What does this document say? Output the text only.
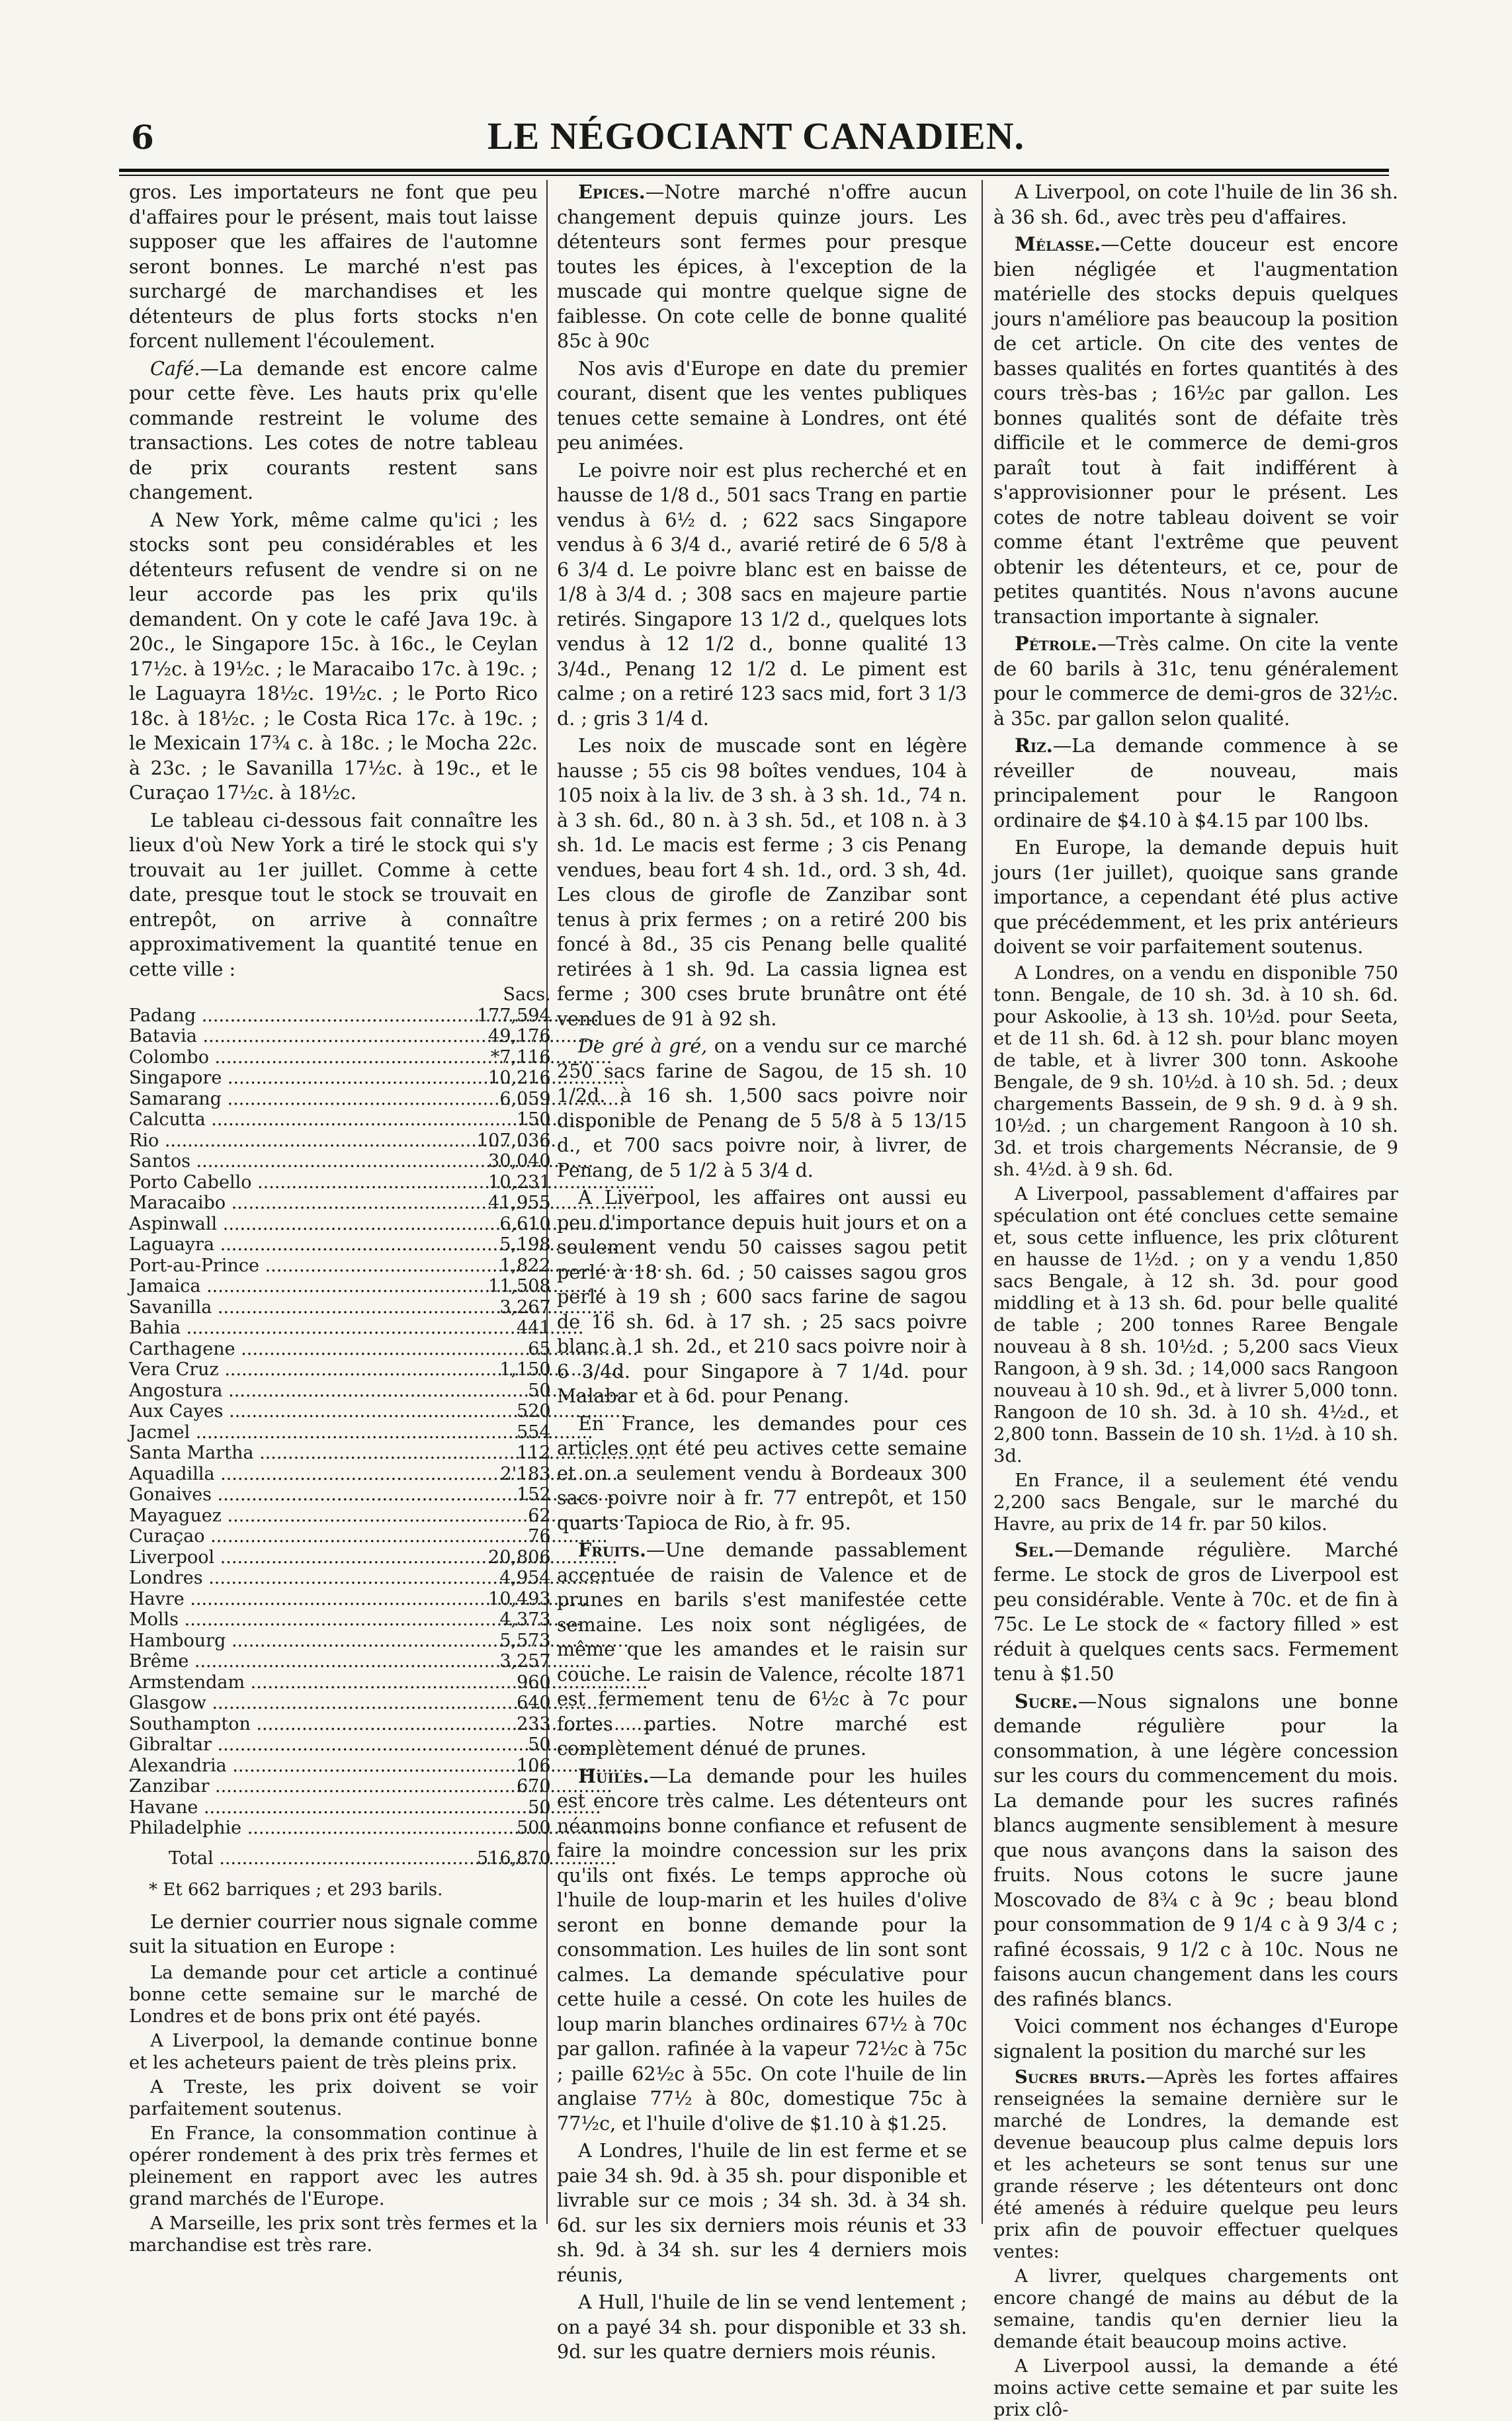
6	LE NÉGOCIANT CANADIEN.

gros. Les importateurs ne font que peu d'affaires pour le présent, mais tout laisse supposer que les affaires de l'automne seront bonnes. Le marché n'est pas surchargé de marchandises et les détenteurs de plus forts stocks n'en forcent nullement l'écoulement.

Café.—La demande est encore calme pour cette fève. Les hauts prix qu'elle commande restreint le volume des transactions. Les cotes de notre tableau de prix courants restent sans changement.

A New York, même calme qu'ici ; les stocks sont peu considérables et les détenteurs refusent de vendre si on ne leur accorde pas les prix qu'ils demandent. On y cote le café Java 19c. à 20c., le Singapore 15c. à 16c., le Ceylan 17½c. à 19½c. ; le Maracaibo 17c. à 19c. ; le Laguayra 18½c. 19½c. ; le Porto Rico 18c. à 18½c. ; le Costa Rica 17c. à 19c. ; le Mexicain 17¾ c. à 18c. ; le Mocha 22c. à 23c. ; le Savanilla 17½c. à 19c., et le Curaçao 17½c. à 18½c.

Le tableau ci-dessous fait connaître les lieux d'où New York a tiré le stock qui s'y trouvait au 1er juillet. Comme à cette date, presque tout le stock se trouvait en entrepôt, on arrive à connaître approximativement la quantité tenue en cette ville :

	Sacs.
Padang .....	177,594
Batavia .....	49,176
Colombo .....	*7,116
Singapore .....	10,216
Samarang .....	6,059
Calcutta .....	150
Rio .....	107,036
Santos .....	30,040
Porto Cabello .....	10,231
Maracaibo .....	41,955
Aspinwall .....	6,610
Laguayra .....	5,198
Port-au-Prince .....	1,822
Jamaica .....	11,508
Savanilla .....	3,267
Bahia .....	441
Carthagene .....	65
Vera Cruz .....	1,150
Angostura .....	50
Aux Cayes .....	520
Jacmel .....	554
Santa Martha .....	112
Aquadilla .....	2'183
Gonaives .....	152
Mayaguez .....	62
Curaçao .....	76
Liverpool .....	20,806
Londres .....	4,954
Havre .....	10,493
Molls .....	4,373
Hambourg .....	5,573
Brême .....	3,257
Armstendam .....	960
Glasgow .....	640
Southampton .....	233
Gibraltar .....	50
Alexandria .....	106
Zanzibar .....	670
Havane .....	50
Philadelphie .....	500
Total .....	516,870

* Et 662 barriques ; et 293 barils.

Le dernier courrier nous signale comme suit la situation en Europe :

La demande pour cet article a continué bonne cette semaine sur le marché de Londres et de bons prix ont été payés.

A Liverpool, la demande continue bonne et les acheteurs paient de très pleins prix.

A Treste, les prix doivent se voir parfaitement soutenus.

En France, la consommation continue à opérer rondement à des prix très fermes et pleinement en rapport avec les autres grand marchés de l'Europe.

A Marseille, les prix sont très fermes et la marchandise est très rare.

Epices.—Notre marché n'offre aucun changement depuis quinze jours. Les détenteurs sont fermes pour presque toutes les épices, à l'exception de la muscade qui montre quelque signe de faiblesse. On cote celle de bonne qualité 85c à 90c

Nos avis d'Europe en date du premier courant, disent que les ventes publiques tenues cette semaine à Londres, ont été peu animées.

Le poivre noir est plus recherché et en hausse de 1/8 d., 501 sacs Trang en partie vendus à 6½ d. ; 622 sacs Singapore vendus à 6 3/4 d., avarié retiré de 6 5/8 à 6 3/4 d. Le poivre blanc est en baisse de 1/8 à 3/4 d. ; 308 sacs en majeure partie retirés. Singapore 13 1/2 d., quelques lots vendus à 12 1/2 d., bonne qualité 13 3/4d., Penang 12 1/2 d. Le piment est calme ; on a retiré 123 sacs mid, fort 3 1/3 d. ; gris 3 1/4 d.

Les noix de muscade sont en légère hausse ; 55 cis 98 boîtes vendues, 104 à 105 noix à la liv. de 3 sh. à 3 sh. 1d., 74 n. à 3 sh. 6d., 80 n. à 3 sh. 5d., et 108 n. à 3 sh. 1d. Le macis est ferme ; 3 cis Penang vendues, beau fort 4 sh. 1d., ord. 3 sh, 4d. Les clous de girofle de Zanzibar sont tenus à prix fermes ; on a retiré 200 bis foncé à 8d., 35 cis Penang belle qualité retirées à 1 sh. 9d. La cassia lignea est ferme ; 300 cses brute brunâtre ont été vendues de 91 à 92 sh.

De gré à gré, on a vendu sur ce marché 250 sacs farine de Sagou, de 15 sh. 10 1/2d. à 16 sh. 1,500 sacs poivre noir disponible de Penang de 5 5/8 à 5 13/15 d., et 700 sacs poivre noir, à livrer, de Penang, de 5 1/2 à 5 3/4 d.

A Liverpool, les affaires ont aussi eu peu d'importance depuis huit jours et on a seulement vendu 50 caisses sagou petit perlé à 18 sh. 6d. ; 50 caisses sagou gros perlé à 19 sh ; 600 sacs farine de sagou de 16 sh. 6d. à 17 sh. ; 25 sacs poivre blanc à 1 sh. 2d., et 210 sacs poivre noir à 6 3/4d. pour Singapore à 7 1/4d. pour Malabar et à 6d. pour Penang.

En France, les demandes pour ces articles ont été peu actives cette semaine et on a seulement vendu à Bordeaux 300 sacs poivre noir à fr. 77 entrepôt, et 150 quarts Tapioca de Rio, à fr. 95.

Fruits.—Une demande passablement accentuée de raisin de Valence et de prunes en barils s'est manifestée cette semaine. Les noix sont négligées, de même que les amandes et le raisin sur couche. Le raisin de Valence, récolte 1871 est fermement tenu de 6½c à 7c pour fortes parties. Notre marché est complètement dénué de prunes.

Huiles.—La demande pour les huiles est encore très calme. Les détenteurs ont néanmoins bonne confiance et refusent de faire la moindre concession sur les prix qu'ils ont fixés. Le temps approche où l'huile de loup-marin et les huiles d'olive seront en bonne demande pour la consommation. Les huiles de lin sont sont calmes. La demande spéculative pour cette huile a cessé. On cote les huiles de loup marin blanches ordinaires 67½ à 70c par gallon. rafinée à la vapeur 72½c à 75c ; paille 62½c à 55c. On cote l'huile de lin anglaise 77½ à 80c, domestique 75c à 77½c, et l'huile d'olive de $1.10 à $1.25.

A Londres, l'huile de lin est ferme et se paie 34 sh. 9d. à 35 sh. pour disponible et livrable sur ce mois ; 34 sh. 3d. à 34 sh. 6d. sur les six derniers mois réunis et 33 sh. 9d. à 34 sh. sur les 4 derniers mois réunis,

A Hull, l'huile de lin se vend lentement ; on a payé 34 sh. pour disponible et 33 sh. 9d. sur les quatre derniers mois réunis.

A Liverpool, on cote l'huile de lin 36 sh. à 36 sh. 6d., avec très peu d'affaires.

Mélasse.—Cette douceur est encore bien négligée et l'augmentation matérielle des stocks depuis quelques jours n'améliore pas beaucoup la position de cet article. On cite des ventes de basses qualités en fortes quantités à des cours très-bas ; 16½c par gallon. Les bonnes qualités sont de défaite très difficile et le commerce de demi-gros paraît tout à fait indifférent à s'approvisionner pour le présent. Les cotes de notre tableau doivent se voir comme étant l'extrême que peuvent obtenir les détenteurs, et ce, pour de petites quantités. Nous n'avons aucune transaction importante à signaler.

Pétrole.—Très calme. On cite la vente de 60 barils à 31c, tenu généralement pour le commerce de demi-gros de 32½c. à 35c. par gallon selon qualité.

Riz.—La demande commence à se réveiller de nouveau, mais principalement pour le Rangoon ordinaire de $4.10 à $4.15 par 100 lbs.

En Europe, la demande depuis huit jours (1er juillet), quoique sans grande importance, a cependant été plus active que précédemment, et les prix antérieurs doivent se voir parfaitement soutenus.

A Londres, on a vendu en disponible 750 tonn. Bengale, de 10 sh. 3d. à 10 sh. 6d. pour Askoolie, à 13 sh. 10½d. pour Seeta, et de 11 sh. 6d. à 12 sh. pour blanc moyen de table, et à livrer 300 tonn. Askoohe Bengale, de 9 sh. 10½d. à 10 sh. 5d. ; deux chargements Bassein, de 9 sh. 9 d. à 9 sh. 10½d. ; un chargement Rangoon à 10 sh. 3d. et trois chargements Nécransie, de 9 sh. 4½d. à 9 sh. 6d.

A Liverpool, passablement d'affaires par spéculation ont été conclues cette semaine et, sous cette influence, les prix clôturent en hausse de 1½d. ; on y a vendu 1,850 sacs Bengale, à 12 sh. 3d. pour good middling et à 13 sh. 6d. pour belle qualité de table ; 200 tonnes Raree Bengale nouveau à 8 sh. 10½d. ; 5,200 sacs Vieux Rangoon, à 9 sh. 3d. ; 14,000 sacs Rangoon nouveau à 10 sh. 9d., et à livrer 5,000 tonn. Rangoon de 10 sh. 3d. à 10 sh. 4½d., et 2,800 tonn. Bassein de 10 sh. 1½d. à 10 sh. 3d.

En France, il a seulement été vendu 2,200 sacs Bengale, sur le marché du Havre, au prix de 14 fr. par 50 kilos.

Sel.—Demande régulière. Marché ferme. Le stock de gros de Liverpool est peu considérable. Vente à 70c. et de fin à 75c. Le Le stock de « factory filled » est réduit à quelques cents sacs. Fermement tenu à $1.50

Sucre.—Nous signalons une bonne demande régulière pour la consommation, à une légère concession sur les cours du commencement du mois. La demande pour les sucres rafinés blancs augmente sensiblement à mesure que nous avançons dans la saison des fruits. Nous cotons le sucre jaune Moscovado de 8¾ c à 9c ; beau blond pour consommation de 9 1/4 c à 9 3/4 c ; rafiné écossais, 9 1/2 c à 10c. Nous ne faisons aucun changement dans les cours des rafinés blancs.

Voici comment nos échanges d'Europe signalent la position du marché sur les

Sucres bruts.—Après les fortes affaires renseignées la semaine dernière sur le marché de Londres, la demande est devenue beaucoup plus calme depuis lors et les acheteurs se sont tenus sur une grande réserve ; les détenteurs ont donc été amenés à réduire quelque peu leurs prix afin de pouvoir effectuer quelques ventes:

A livrer, quelques chargements ont encore changé de mains au début de la semaine, tandis qu'en dernier lieu la demande était beaucoup moins active.

A Liverpool aussi, la demande a été moins active cette semaine et par suite les prix clô-
